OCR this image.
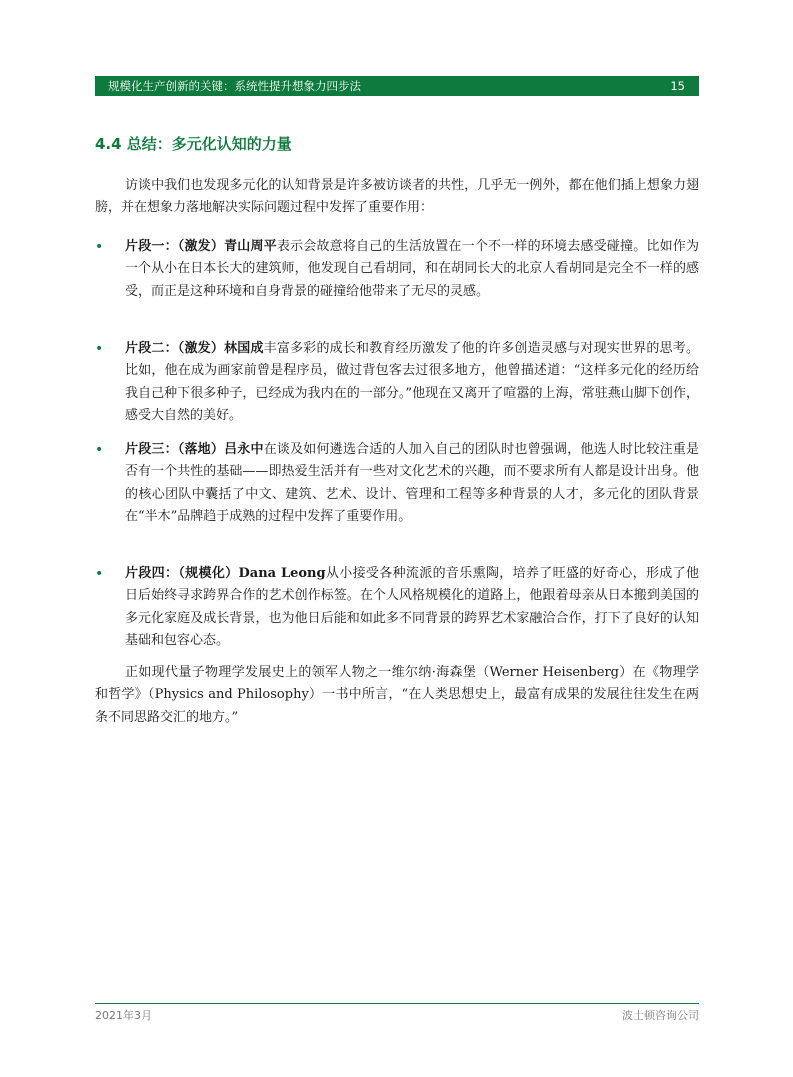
规模化生产创新的关键：系统性提升想象力四步法	15
4.4 总结：多元化认知的力量

访谈中我们也发现多元化的认知背景是许多被访谈者的共性，几乎无一例外，都在他们插上想象力翅膀，并在想象力落地解决实际问题过程中发挥了重要作用：

• 片段一：（激发）青山周平表示会故意将自己的生活放置在一个不一样的环境去感受碰撞。比如作为一个从小在日本长大的建筑师，他发现自己看胡同，和在胡同长大的北京人看胡同是完全不一样的感受，而正是这种环境和自身背景的碰撞给他带来了无尽的灵感。
• 片段二：（激发）林国成丰富多彩的成长和教育经历激发了他的许多创造灵感与对现实世界的思考。比如，他在成为画家前曾是程序员，做过背包客去过很多地方，他曾描述道：“这样多元化的经历给我自己种下很多种子，已经成为我内在的一部分。”他现在又离开了喧嚣的上海，常驻燕山脚下创作，感受大自然的美好。
• 片段三：（落地）吕永中在谈及如何遴选合适的人加入自己的团队时也曾强调，他选人时比较注重是否有一个共性的基础——即热爱生活并有一些对文化艺术的兴趣，而不要求所有人都是设计出身。他的核心团队中囊括了中文、建筑、艺术、设计、管理和工程等多种背景的人才，多元化的团队背景在“半木”品牌趋于成熟的过程中发挥了重要作用。
• 片段四：（规模化）Dana Leong从小接受各种流派的音乐熏陶，培养了旺盛的好奇心，形成了他日后始终寻求跨界合作的艺术创作标签。在个人风格规模化的道路上，他跟着母亲从日本搬到美国的多元化家庭及成长背景，也为他日后能和如此多不同背景的跨界艺术家融洽合作，打下了良好的认知基础和包容心态。

正如现代量子物理学发展史上的领军人物之一维尔纳·海森堡（Werner Heisenberg）在《物理学和哲学》（Physics and Philosophy）一书中所言，“在人类思想史上，最富有成果的发展往往发生在两条不同思路交汇的地方。”

2021年3月	波士顿咨询公司
